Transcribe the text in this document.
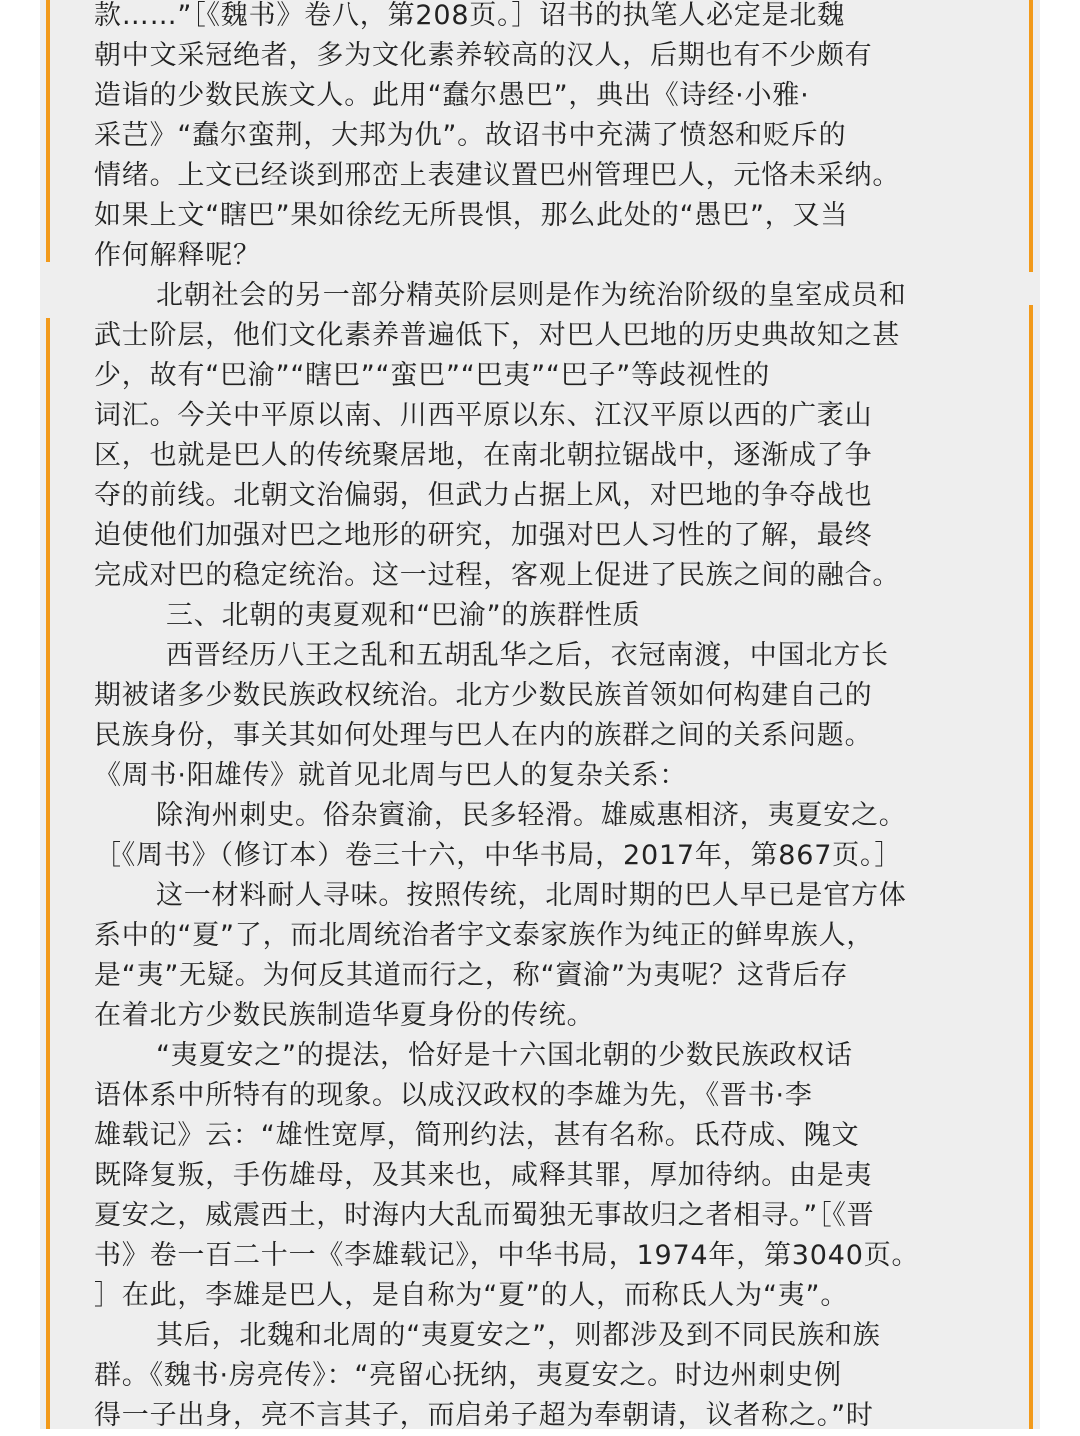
款……”［《魏书》卷八，第208页。］诏书的执笔人必定是北魏

朝中文采冠绝者，多为文化素养较高的汉人，后期也有不少颇有

造诣的少数民族文人。此用“蠢尔愚巴”，典出《诗经·小雅·

采芑》“蠢尔蛮荆，大邦为仇”。故诏书中充满了愤怒和贬斥的

情绪。上文已经谈到邢峦上表建议置巴州管理巴人，元恪未采纳。

如果上文“瞎巴”果如徐纥无所畏惧，那么此处的“愚巴”，又当

作何解释呢？

北朝社会的另一部分精英阶层则是作为统治阶级的皇室成员和

武士阶层，他们文化素养普遍低下，对巴人巴地的历史典故知之甚

少，故有“巴渝”“瞎巴”“蛮巴”“巴夷”“巴子”等歧视性的

词汇。今关中平原以南、川西平原以东、江汉平原以西的广袤山

区，也就是巴人的传统聚居地，在南北朝拉锯战中，逐渐成了争

夺的前线。北朝文治偏弱，但武力占据上风，对巴地的争夺战也

迫使他们加强对巴之地形的研究，加强对巴人习性的了解，最终

完成对巴的稳定统治。这一过程，客观上促进了民族之间的融合。

三、北朝的夷夏观和“巴渝”的族群性质

西晋经历八王之乱和五胡乱华之后，衣冠南渡，中国北方长

期被诸多少数民族政权统治。北方少数民族首领如何构建自己的

民族身份，事关其如何处理与巴人在内的族群之间的关系问题。

《周书·阳雄传》就首见北周与巴人的复杂关系：

除洵州刺史。俗杂賨渝，民多轻滑。雄威惠相济，夷夏安之。

［《周书》（修订本）卷三十六，中华书局，2017年，第867页。］

这一材料耐人寻味。按照传统，北周时期的巴人早已是官方体

系中的“夏”了，而北周统治者宇文泰家族作为纯正的鲜卑族人，

是“夷”无疑。为何反其道而行之，称“賨渝”为夷呢？这背后存

在着北方少数民族制造华夏身份的传统。

“夷夏安之”的提法，恰好是十六国北朝的少数民族政权话

语体系中所特有的现象。以成汉政权的李雄为先，《晋书·李

雄载记》云：“雄性宽厚，简刑约法，甚有名称。氐苻成、隗文

既降复叛，手伤雄母，及其来也，咸释其罪，厚加待纳。由是夷

夏安之，威震西土，时海内大乱而蜀独无事故归之者相寻。”［《晋

书》卷一百二十一《李雄载记》，中华书局，1974年，第3040页。

］在此，李雄是巴人，是自称为“夏”的人，而称氐人为“夷”。

其后，北魏和北周的“夷夏安之”，则都涉及到不同民族和族

群。《魏书·房亮传》：“亮留心抚纳，夷夏安之。时边州刺史例

得一子出身，亮不言其子，而启弟子超为奉朝请，议者称之。”时
